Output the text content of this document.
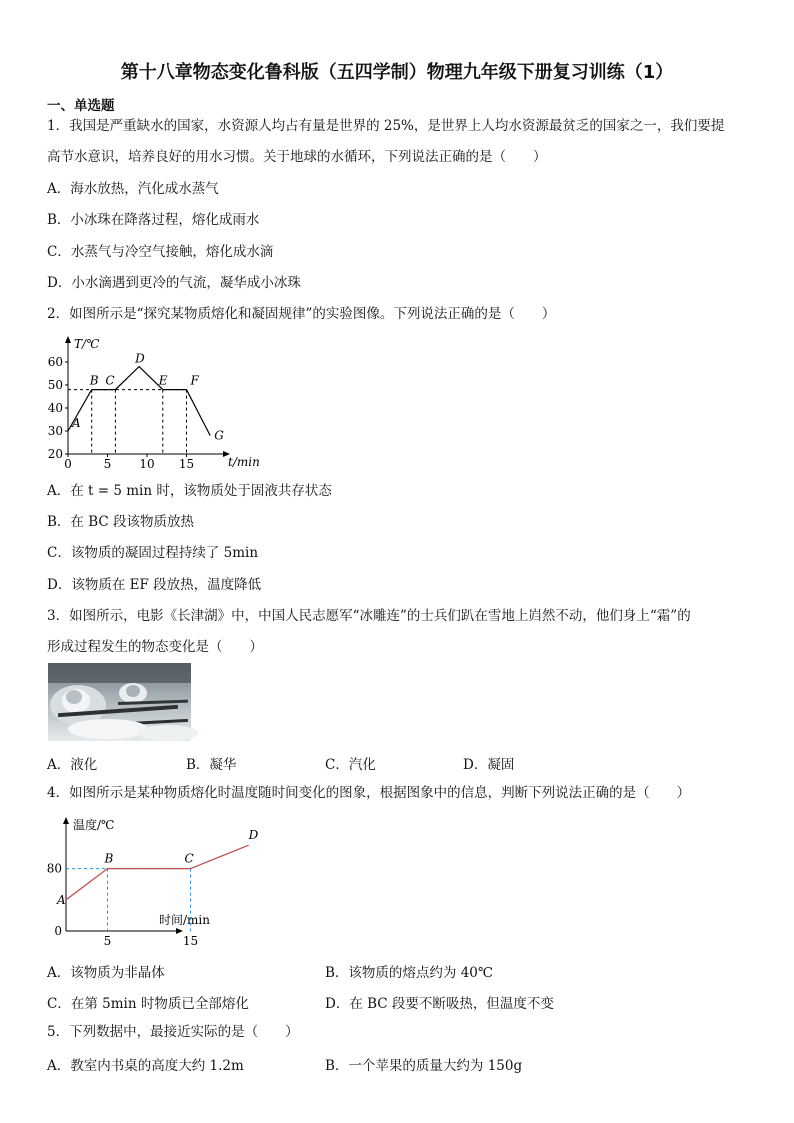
第十八章物态变化鲁科版（五四学制）物理九年级下册复习训练（1）
一、单选题
1．我国是严重缺水的国家，水资源人均占有量是世界的 25%，是世界上人均水资源最贫乏的国家之一，我们要提
高节水意识，培养良好的用水习惯。关于地球的水循环，下列说法正确的是（　　）
A．海水放热，汽化成水蒸气
B．小冰珠在降落过程，熔化成雨水
C．水蒸气与冷空气接触，熔化成水滴
D．小水滴遇到更冷的气流，凝华成小冰珠
2．如图所示是“探究某物质熔化和凝固规律”的实验图像。下列说法正确的是（　　）
T/℃
t/min
20
30
40
50
60
0	5 10 15
A
B C
D
E F
G
A．在 t = 5 min 时，该物质处于固液共存状态
B．在 BC 段该物质放热
C．该物质的凝固过程持续了 5min
D．该物质在 EF 段放热，温度降低
3．如图所示，电影《长津湖》中，中国人民志愿军“冰雕连”的士兵们趴在雪地上岿然不动，他们身上“霜”的
形成过程发生的物态变化是（　　）
A．液化	B．凝华	C．汽化	D．凝固
4．如图所示是某种物质熔化时温度随时间变化的图象，根据图象中的信息，判断下列说法正确的是（　　）
温度/℃
时间/min
0
80
5	15
A
B	C
D
A．该物质为非晶体	B．该物质的熔点约为 40℃
C．在第 5min 时物质已全部熔化	D．在 BC 段要不断吸热，但温度不变
5．下列数据中，最接近实际的是（　　）
A．教室内书桌的高度大约 1.2m	B．一个苹果的质量大约为 150g
